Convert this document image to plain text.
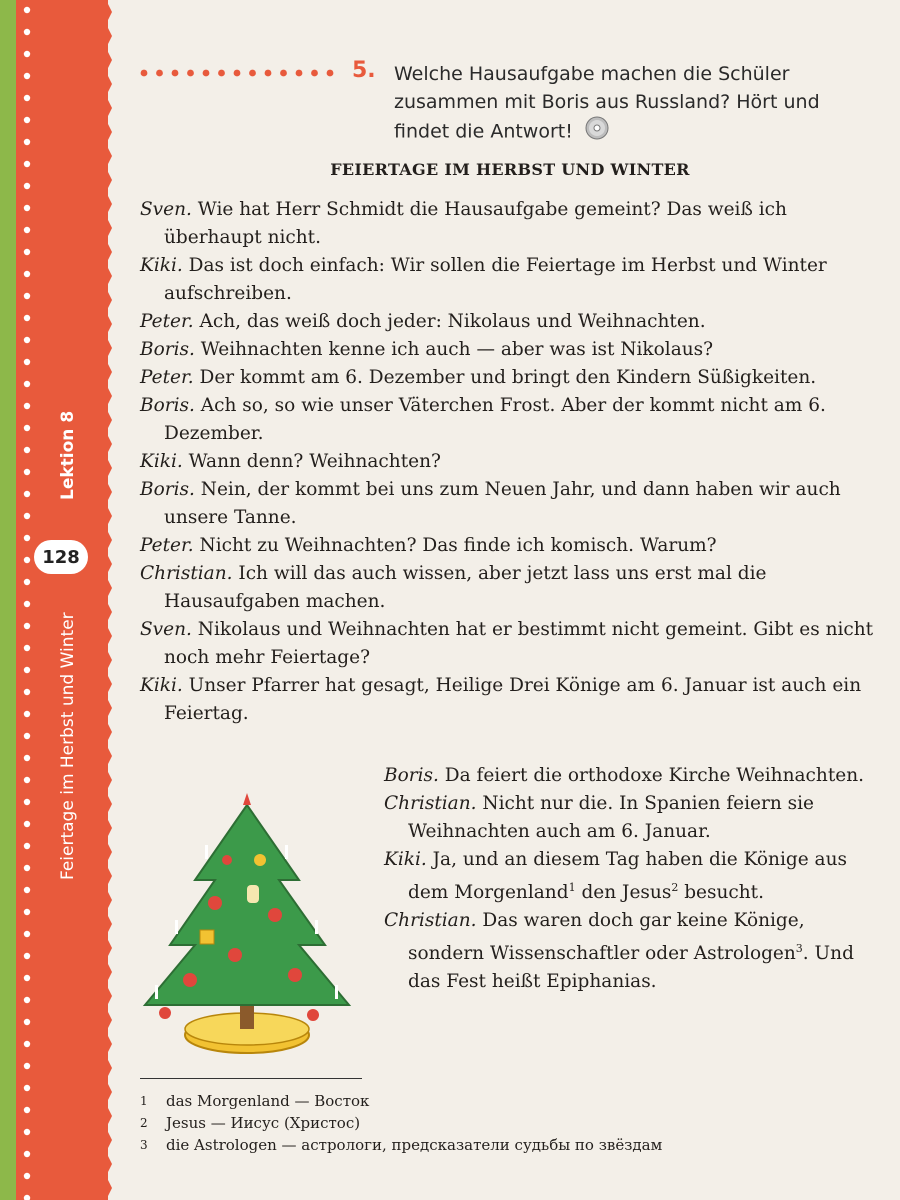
Feiertage im Herbst und Winter
Lektion 8
128
5. Welche Hausaufgabe machen die Schüler zusammen mit Boris aus Russland? Hört und findet die Antwort!
FEIERTAGE IM HERBST UND WINTER

Sven. Wie hat Herr Schmidt die Hausaufgabe gemeint? Das weiß ich überhaupt nicht.

Kiki. Das ist doch einfach: Wir sollen die Feiertage im Herbst und Winter aufschreiben.

Peter. Ach, das weiß doch jeder: Nikolaus und Weihnachten.

Boris. Weihnachten kenne ich auch — aber was ist Nikolaus?

Peter. Der kommt am 6. Dezember und bringt den Kindern Süßigkeiten.

Boris. Ach so, so wie unser Väterchen Frost. Aber der kommt nicht am 6. Dezember.

Kiki. Wann denn? Weihnachten?

Boris. Nein, der kommt bei uns zum Neuen Jahr, und dann haben wir auch unsere Tanne.

Peter. Nicht zu Weihnachten? Das finde ich komisch. Warum?

Christian. Ich will das auch wissen, aber jetzt lass uns erst mal die Hausaufgaben machen.

Sven. Nikolaus und Weihnachten hat er bestimmt nicht gemeint. Gibt es nicht noch mehr Feiertage?

Kiki. Unser Pfarrer hat gesagt, Heilige Drei Könige am 6. Januar ist auch ein Feiertag.

Boris. Da feiert die orthodoxe Kirche Weihnachten.

Christian. Nicht nur die. In Spanien feiern sie Weihnachten auch am 6. Januar.

Kiki. Ja, und an diesem Tag haben die Könige aus dem Morgenland$^1$ den Jesus$^2$ besucht.

Christian. Das waren doch gar keine Könige, sondern Wissenschaftler oder Astrologen$^3$. Und das Fest heißt Epiphanias.

1 das Morgenland — Восток
2 Jesus — Иисус (Христос)
3 die Astrologen — астрологи, предсказатели судьбы по звёздам
